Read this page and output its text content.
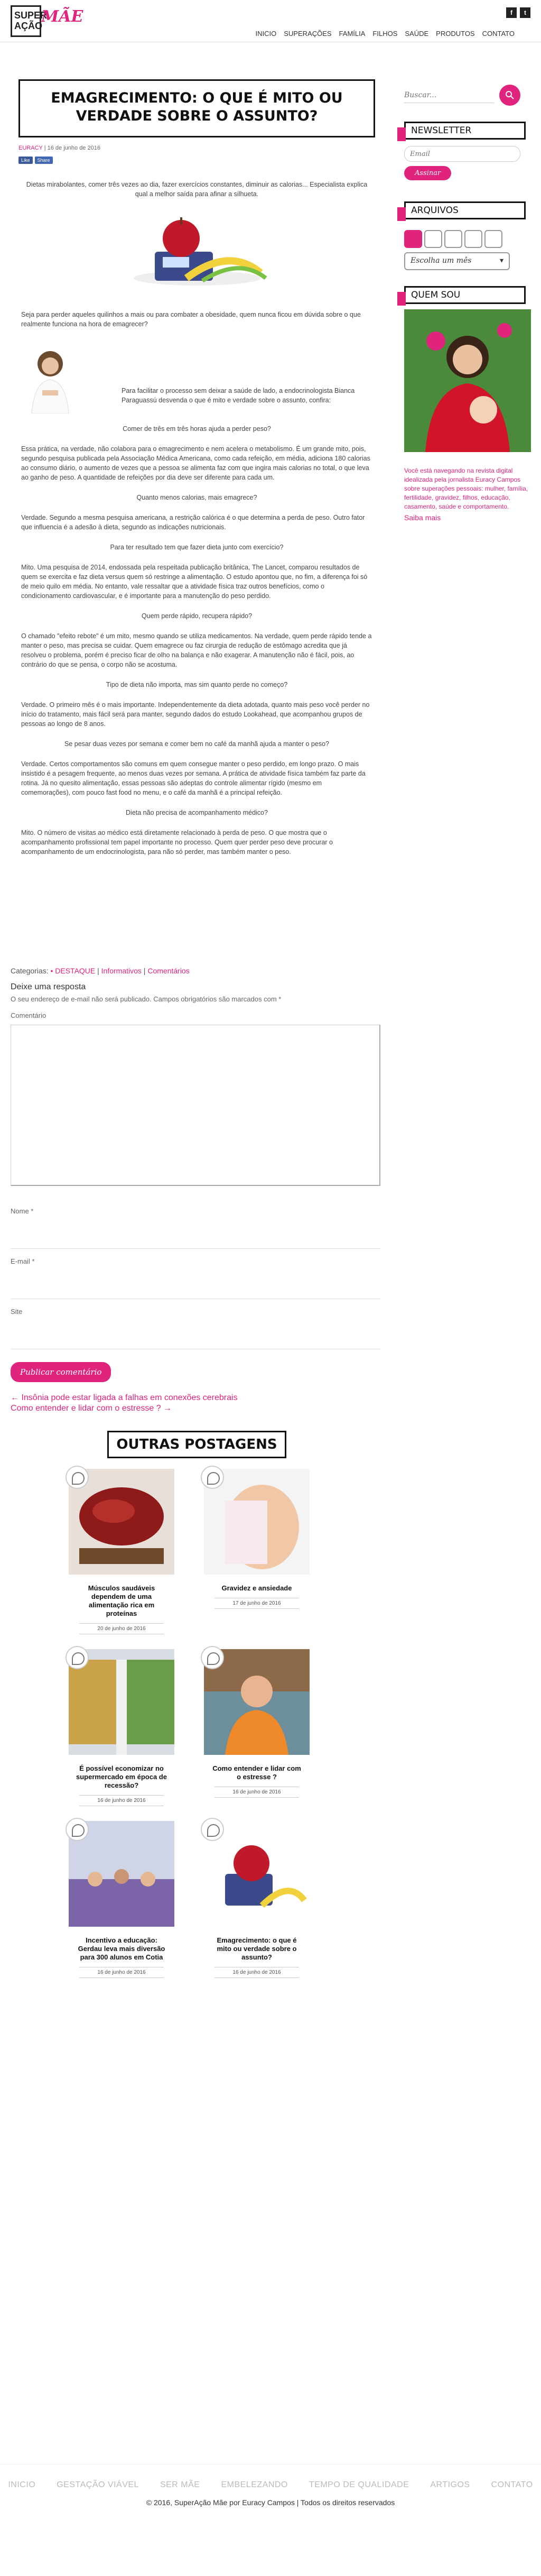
SUPER AÇÃO
MÃE	f	t
INICIO SUPERAÇÕES FAMÍLIA FILHOS SAÚDE PRODUTOS CONTATO
EMAGRECIMENTO: O QUE É MITO OU VERDADE SOBRE O ASSUNTO?
EURACY | 16 de junho de 2016
Like	Share

Dietas mirabolantes, comer três vezes ao dia, fazer exercícios constantes, diminuir as calorias... Especialista explica qual a melhor saída para afinar a silhueta.

Seja para perder aqueles quilinhos a mais ou para combater a obesidade, quem nunca ficou em dúvida sobre o que realmente funciona na hora de emagrecer?

Para facilitar o processo sem deixar a saúde de lado, a endocrinologista Bianca Paraguassú desvenda o que é mito e verdade sobre o assunto, confira:

Comer de três em três horas ajuda a perder peso?

Essa prática, na verdade, não colabora para o emagrecimento e nem acelera o metabolismo. É um grande mito, pois, segundo pesquisa publicada pela Associação Médica Americana, como cada refeição, em média, adiciona 180 calorias ao consumo diário, o aumento de vezes que a pessoa se alimenta faz com que ingira mais calorias no total, o que leva ao ganho de peso. A quantidade de refeições por dia deve ser diferente para cada um.

Quanto menos calorias, mais emagrece?

Verdade. Segundo a mesma pesquisa americana, a restrição calórica é o que determina a perda de peso. Outro fator que influencia é a adesão à dieta, segundo as indicações nutricionais.

Para ter resultado tem que fazer dieta junto com exercício?

Mito. Uma pesquisa de 2014, endossada pela respeitada publicação britânica, The Lancet, comparou resultados de quem se exercita e faz dieta versus quem só restringe a alimentação. O estudo apontou que, no fim, a diferença foi só de meio quilo em média. No entanto, vale ressaltar que a atividade física traz outros benefícios, como o condicionamento cardiovascular, e é importante para a manutenção do peso perdido.

Quem perde rápido, recupera rápido?

O chamado "efeito rebote" é um mito, mesmo quando se utiliza medicamentos. Na verdade, quem perde rápido tende a manter o peso, mas precisa se cuidar. Quem emagrece ou faz cirurgia de redução de estômago acredita que já resolveu o problema, porém é preciso ficar de olho na balança e não exagerar. A manutenção não é fácil, pois, ao contrário do que se pensa, o corpo não se acostuma.

Tipo de dieta não importa, mas sim quanto perde no começo?

Verdade. O primeiro mês é o mais importante. Independentemente da dieta adotada, quanto mais peso você perder no início do tratamento, mais fácil será para manter, segundo dados do estudo Lookahead, que acompanhou grupos de pessoas ao longo de 8 anos.

Se pesar duas vezes por semana e comer bem no café da manhã ajuda a manter o peso?

Verdade. Certos comportamentos são comuns em quem consegue manter o peso perdido, em longo prazo. O mais insistido é a pesagem frequente, ao menos duas vezes por semana. A prática de atividade física também faz parte da rotina. Já no quesito alimentação, essas pessoas são adeptas do controle alimentar rígido (mesmo em comemorações), com pouco fast food no menu, e o café da manhã é a principal refeição.

Dieta não precisa de acompanhamento médico?

Mito. O número de visitas ao médico está diretamente relacionado à perda de peso. O que mostra que o acompanhamento profissional tem papel importante no processo. Quem quer perder peso deve procurar o acompanhamento de um endocrinologista, para não só perder, mas também manter o peso.

Categorias: • DESTAQUE | Informativos | Comentários
Deixe uma resposta
O seu endereço de e-mail não será publicado. Campos obrigatórios são marcados com *
Comentário
Nome *
E-mail *
Site
Publicar comentário
← Insônia pode estar ligada a falhas em conexões cerebrais
Como entender e lidar com o estresse ? →
OUTRAS POSTAGENS
Músculos saudáveis dependem de uma alimentação rica em proteínas
20 de junho de 2016
Gravidez e ansiedade
17 de junho de 2016
É possível economizar no supermercado em época de recessão?
16 de junho de 2016
Como entender e lidar com o estresse ?
16 de junho de 2016
Incentivo a educação: Gerdau leva mais diversão para 300 alunos em Cotia
16 de junho de 2016
Emagrecimento: o que é mito ou verdade sobre o assunto?
16 de junho de 2016
Buscar...
NEWSLETTER
Email Assinar
ARQUIVOS
Escolha um mês	▾
QUEM SOU
Você está navegando na revista digital idealizada pela jornalista Euracy Campos sobre superações pessoais: mulher, família, fertilidade, gravidez, filhos, educação, casamento, saúde e comportamento.
Saiba mais
INICIO	GESTAÇÃO VIÁVEL	SER MÃE	EMBELEZANDO	TEMPO DE QUALIDADE	ARTIGOS	CONTATO
© 2016, SuperAção Mãe por Euracy Campos | Todos os direitos reservados
